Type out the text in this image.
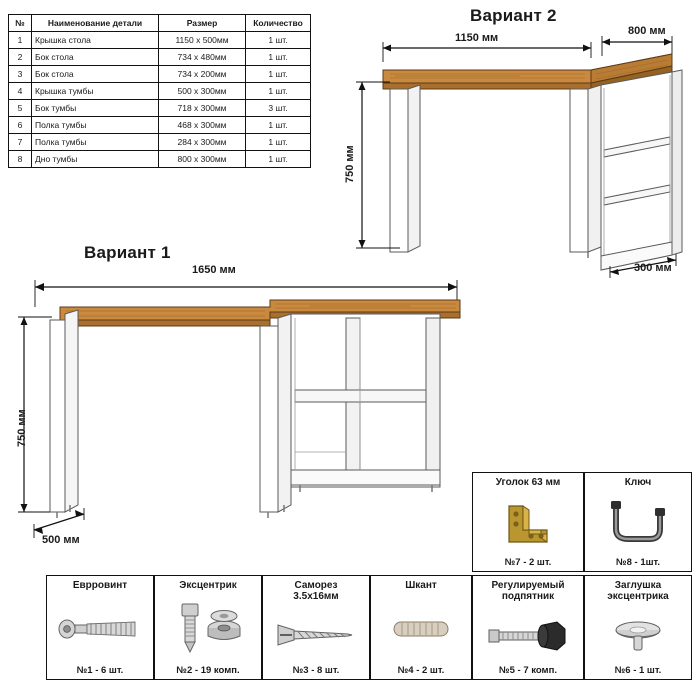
№	Наименование детали	Размер	Количество
1	Крышка стола	1150 х 500мм	1 шт.
2	Бок стола	734 х 480мм	1 шт.
3	Бок стола	734 х 200мм	1 шт.
4	Крышка тумбы	500 х 300мм	1 шт.
5	Бок тумбы	718 х 300мм	3 шт.
6	Полка тумбы	468 х 300мм	1 шт.
7	Полка тумбы	284 х 300мм	1 шт.
8	Дно тумбы	800 х 300мм	1 шт.
Вариант 2
1150 мм
800 мм
750 мм
300 мм
Вариант 1
1650 мм
750 мм
500 мм
Уголок 63 мм
№7 - 2 шт.
Ключ
№8 - 1шт.
Еврровинт
№1 - 6 шт.
Эксцентрик
№2 - 19 комп.
Саморез
3.5х16мм
№3 - 8 шт.
Шкант
№4 - 2 шт.
Регулируемый
подпятник
№5 - 7 комп.
Заглушка
эксцентрика
№6 - 1 шт.
